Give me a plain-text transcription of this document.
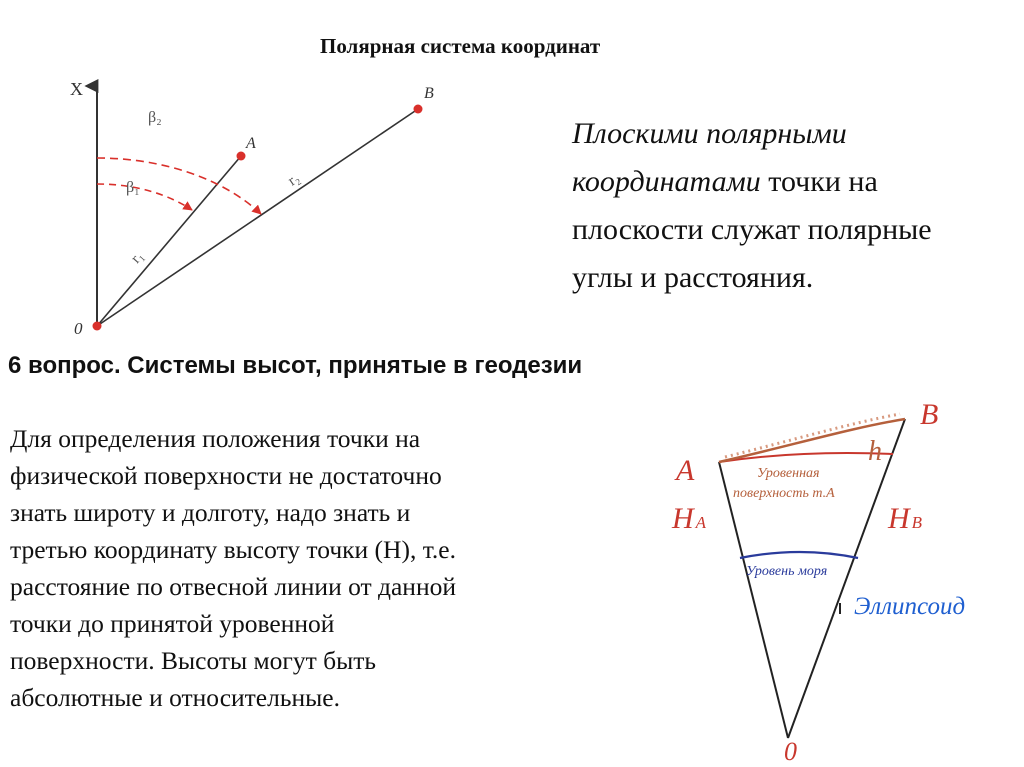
Полярная система координат
X
A
B
0
β₂
β₁
r₁
r₂
B
A
h
H A	H B
Уровенная
поверхность т.А
Уровень моря
Эллипсоид
0
Плоскими полярными координатами точки на плоскости служат полярные углы и расстояния.
6 вопрос. Системы высот, принятые в геодезии
Для определения положения точки на
физической поверхности не достаточно
знать широту и долготу, надо знать и
третью координату высоту точки (Н), т.е.
расстояние по отвесной линии от данной
точки до принятой уровенной
поверхности. Высоты могут быть
абсолютные и относительные.
